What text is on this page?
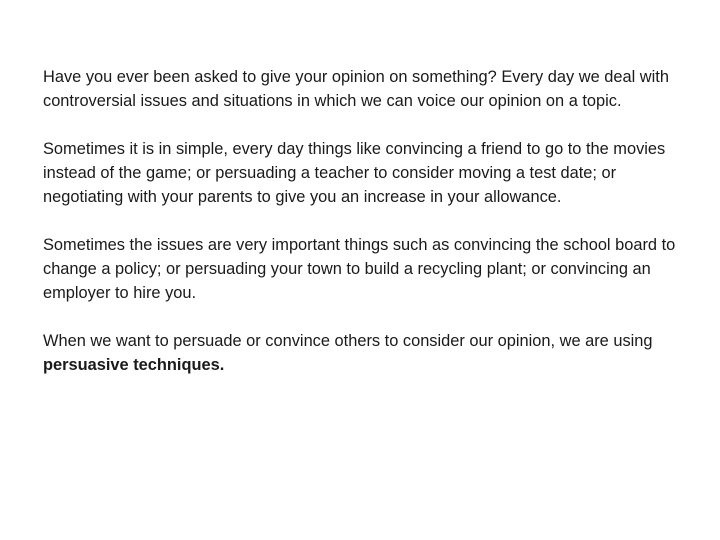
Have you ever been asked to give your opinion on something? Every day we deal with controversial issues and situations in which we can voice our opinion on a topic.

Sometimes it is in simple, every day things like convincing a friend to go to the movies instead of the game; or persuading a teacher to consider moving a test date; or negotiating with your parents to give you an increase in your allowance.

Sometimes the issues are very important things such as convincing the school board to change a policy; or persuading your town to build a recycling plant; or convincing an employer to hire you.

When we want to persuade or convince others to consider our opinion, we are using persuasive techniques.
